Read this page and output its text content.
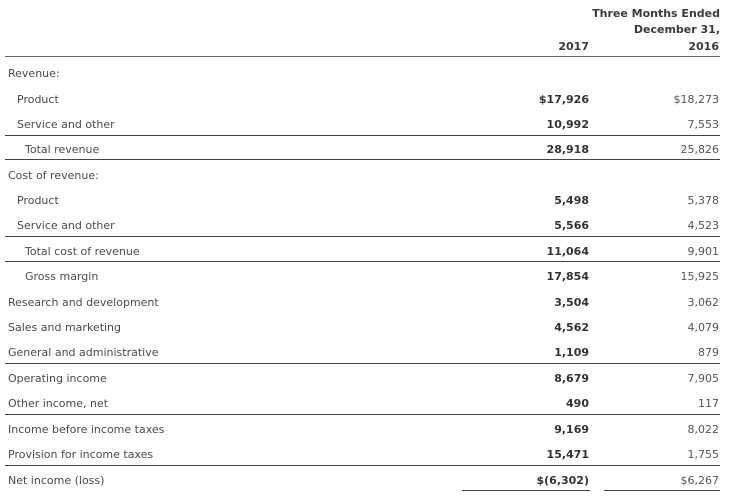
Three Months Ended
December 31,
2017	2016
Revenue:
Product	$17,926	$18,273
Service and other	10,992	7,553
Total revenue	28,918	25,826
Cost of revenue:
Product	5,498	5,378
Service and other	5,566	4,523
Total cost of revenue	11,064	9,901
Gross margin	17,854	15,925
Research and development	3,504	3,062
Sales and marketing	4,562	4,079
General and administrative	1,109	879
Operating income	8,679	7,905
Other income, net	490	117
Income before income taxes	9,169	8,022
Provision for income taxes	15,471	1,755
Net income (loss)	$(6,302)	$6,267
